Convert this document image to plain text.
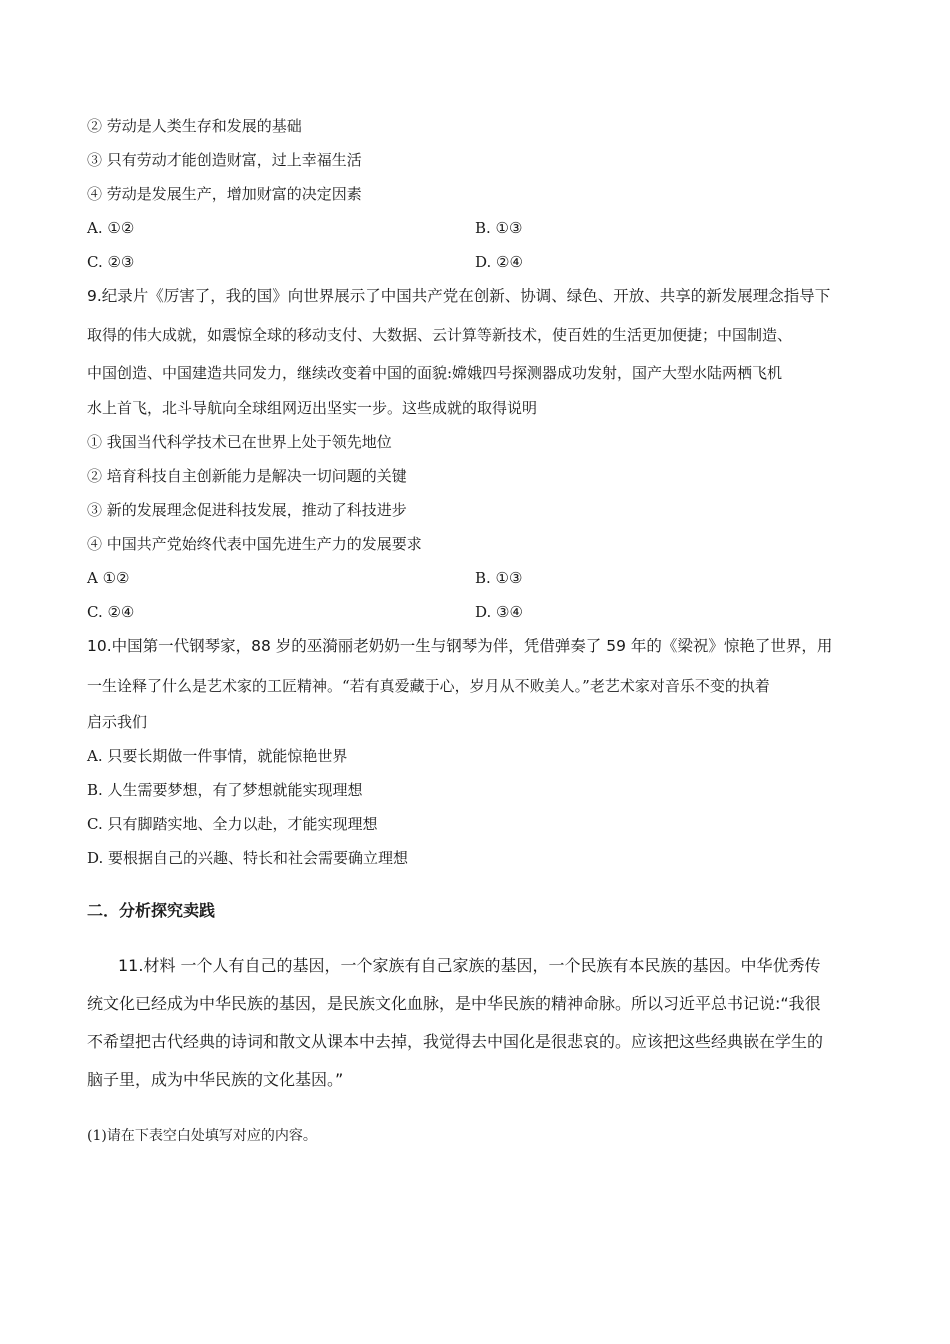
② 劳动是人类生存和发展的基础
③ 只有劳动才能创造财富，过上幸福生活
④ 劳动是发展生产，增加财富的决定因素
A. ①②	B. ①③
C. ②③	D. ②④
9.纪录片《厉害了，我的国》向世界展示了中国共产党在创新、协调、绿色、开放、共享的新发展理念指导下
取得的伟大成就，如震惊全球的移动支付、大数据、云计算等新技术，使百姓的生活更加便捷；中国制造、
中国创造、中国建造共同发力，继续改变着中国的面貌:嫦娥四号探测器成功发射，国产大型水陆两栖飞机
水上首飞，北斗导航向全球组网迈出坚实一步。这些成就的取得说明
① 我国当代科学技术已在世界上处于领先地位
② 培育科技自主创新能力是解决一切问题的关键
③ 新的发展理念促进科技发展，推动了科技进步
④ 中国共产党始终代表中国先进生产力的发展要求
A ①②	B. ①③
C. ②④	D. ③④
10.中国第一代钢琴家，88 岁的巫漪丽老奶奶一生与钢琴为伴，凭借弹奏了 59 年的《梁祝》惊艳了世界，用
一生诠释了什么是艺术家的工匠精神。“若有真爱藏于心，岁月从不败美人。”老艺术家对音乐不变的执着
启示我们
A. 只要长期做一件事情，就能惊艳世界
B. 人生需要梦想，有了梦想就能实现理想
C. 只有脚踏实地、全力以赴，才能实现理想
D. 要根据自己的兴趣、特长和社会需要确立理想
二．分析探究卖践
11.材料 一个人有自己的基因，一个家族有自己家族的基因，一个民族有本民族的基因。中华优秀传
统文化已经成为中华民族的基因，是民族文化血脉，是中华民族的精神命脉。所以习近平总书记说:“我很
不希望把古代经典的诗词和散文从课本中去掉，我觉得去中国化是很悲哀的。应该把这些经典嵌在学生的
脑子里，成为中华民族的文化基因。”
(1)请在下表空白处填写对应的内容。
